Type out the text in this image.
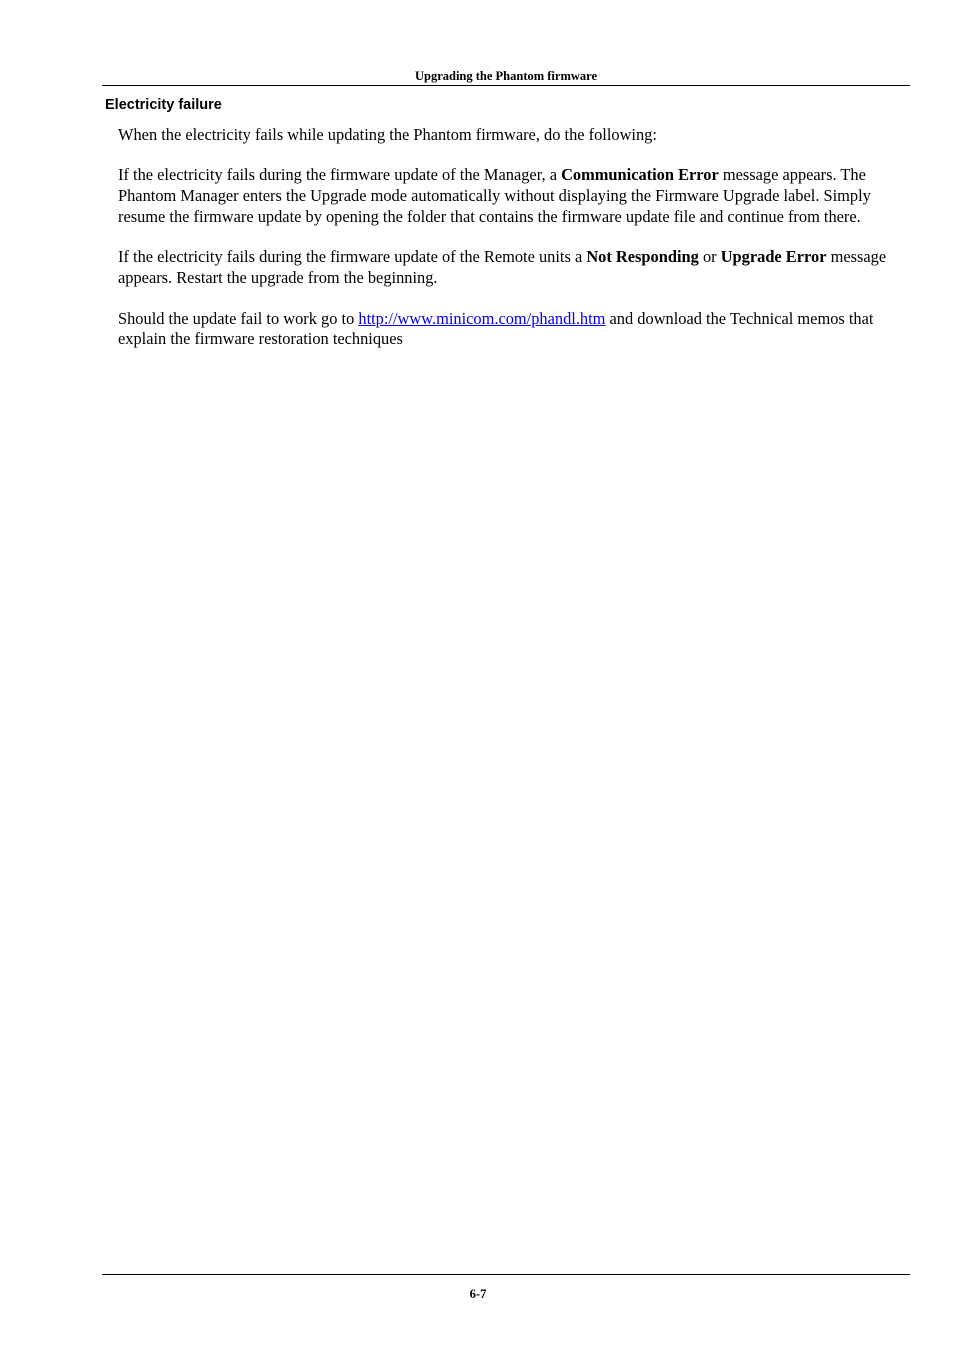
Upgrading the Phantom firmware
Electricity failure

When the electricity fails while updating the Phantom firmware, do the following:

If the electricity fails during the firmware update of the Manager, a Communication Error message appears. The Phantom Manager enters the Upgrade mode automatically without displaying the Firmware Upgrade label. Simply resume the firmware update by opening the folder that contains the firmware update file and continue from there.

If the electricity fails during the firmware update of the Remote units a Not Responding or Upgrade Error message appears. Restart the upgrade from the beginning.

Should the update fail to work go to http://www.minicom.com/phandl.htm and download the Technical memos that explain the firmware restoration techniques

6-7
